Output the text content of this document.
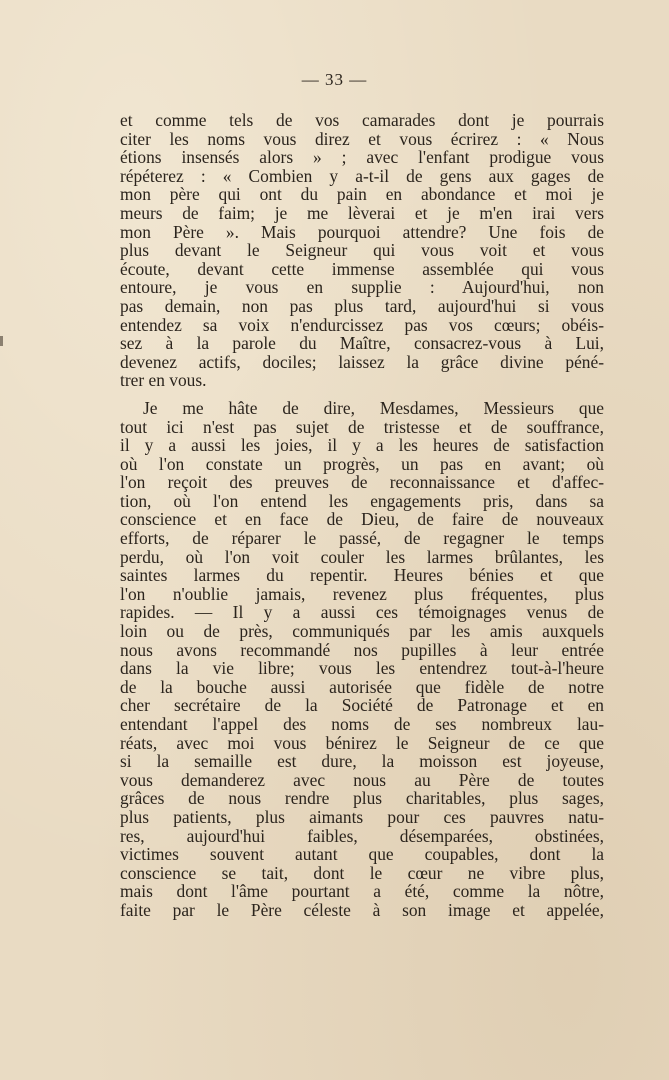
— 33 —
et comme tels de vos camarades dont je pourrais
citer les noms vous direz et vous écrirez : « Nous
étions insensés alors » ; avec l'enfant prodigue vous
répéterez : « Combien y a-t-il de gens aux gages de
mon père qui ont du pain en abondance et moi je
meurs de faim; je me lèverai et je m'en irai vers
mon Père ». Mais pourquoi attendre? Une fois de
plus devant le Seigneur qui vous voit et vous
écoute, devant cette immense assemblée qui vous
entoure, je vous en supplie : Aujourd'hui, non
pas demain, non pas plus tard, aujourd'hui si vous
entendez sa voix n'endurcissez pas vos cœurs; obéis-
sez à la parole du Maître, consacrez-vous à Lui,
devenez actifs, dociles; laissez la grâce divine péné-
trer en vous.
Je me hâte de dire, Mesdames, Messieurs que
tout ici n'est pas sujet de tristesse et de souffrance,
il y a aussi les joies, il y a les heures de satisfaction
où l'on constate un progrès, un pas en avant; où
l'on reçoit des preuves de reconnaissance et d'affec-
tion, où l'on entend les engagements pris, dans sa
conscience et en face de Dieu, de faire de nouveaux
efforts, de réparer le passé, de regagner le temps
perdu, où l'on voit couler les larmes brûlantes, les
saintes larmes du repentir. Heures bénies et que
l'on n'oublie jamais, revenez plus fréquentes, plus
rapides. — Il y a aussi ces témoignages venus de
loin ou de près, communiqués par les amis auxquels
nous avons recommandé nos pupilles à leur entrée
dans la vie libre; vous les entendrez tout-à-l'heure
de la bouche aussi autorisée que fidèle de notre
cher secrétaire de la Société de Patronage et en
entendant l'appel des noms de ses nombreux lau-
réats, avec moi vous bénirez le Seigneur de ce que
si la semaille est dure, la moisson est joyeuse,
vous demanderez avec nous au Père de toutes
grâces de nous rendre plus charitables, plus sages,
plus patients, plus aimants pour ces pauvres natu-
res, aujourd'hui faibles, désemparées, obstinées,
victimes souvent autant que coupables, dont la
conscience se tait, dont le cœur ne vibre plus,
mais dont l'âme pourtant a été, comme la nôtre,
faite par le Père céleste à son image et appelée,
